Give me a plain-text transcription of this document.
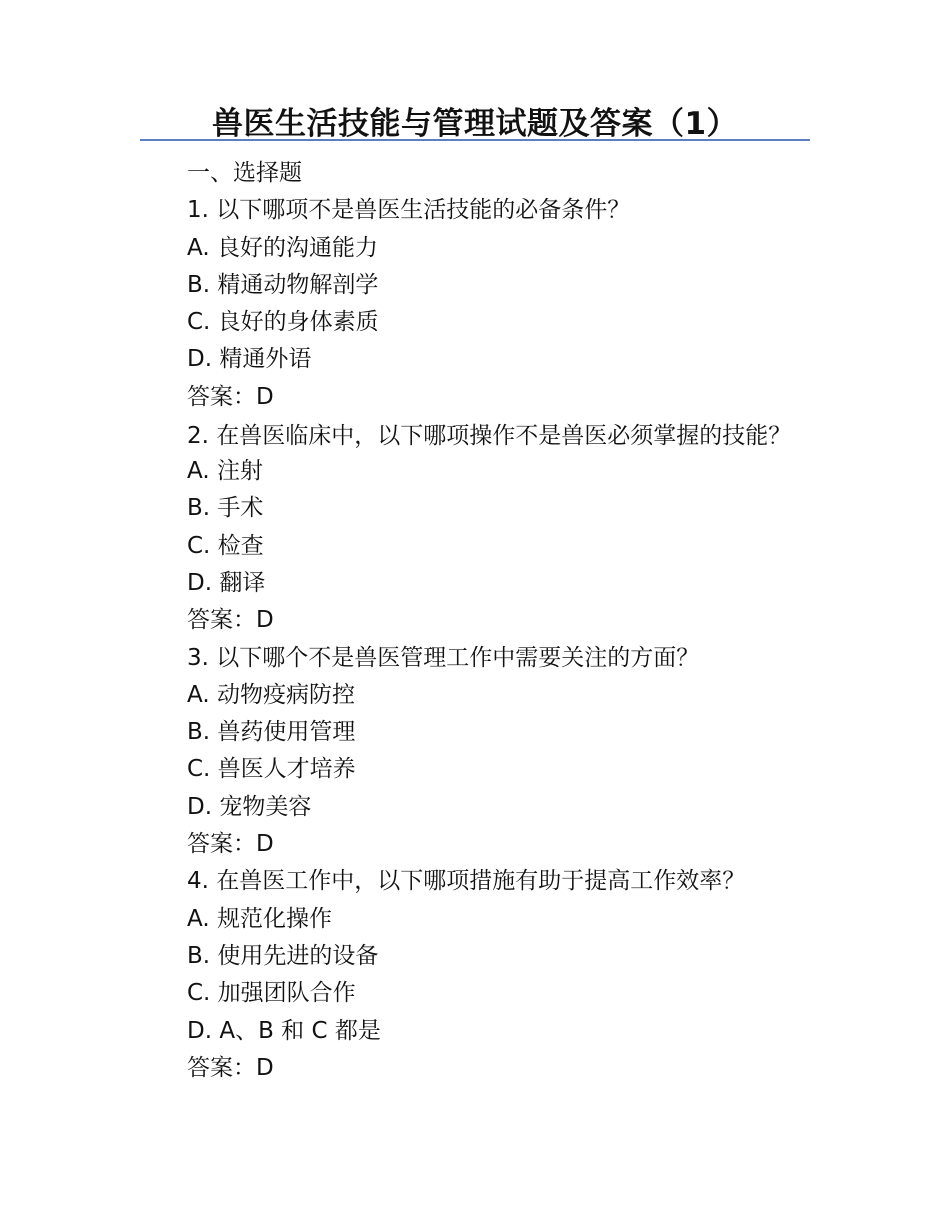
兽医生活技能与管理试题及答案（1）
一、选择题
1. 以下哪项不是兽医生活技能的必备条件？
A. 良好的沟通能力
B. 精通动物解剖学
C. 良好的身体素质
D. 精通外语
答案：D
2. 在兽医临床中，以下哪项操作不是兽医必须掌握的技能？
A. 注射
B. 手术
C. 检查
D. 翻译
答案：D
3. 以下哪个不是兽医管理工作中需要关注的方面？
A. 动物疫病防控
B. 兽药使用管理
C. 兽医人才培养
D. 宠物美容
答案：D
4. 在兽医工作中，以下哪项措施有助于提高工作效率？
A. 规范化操作
B. 使用先进的设备
C. 加强团队合作
D. A、B 和 C 都是
答案：D
